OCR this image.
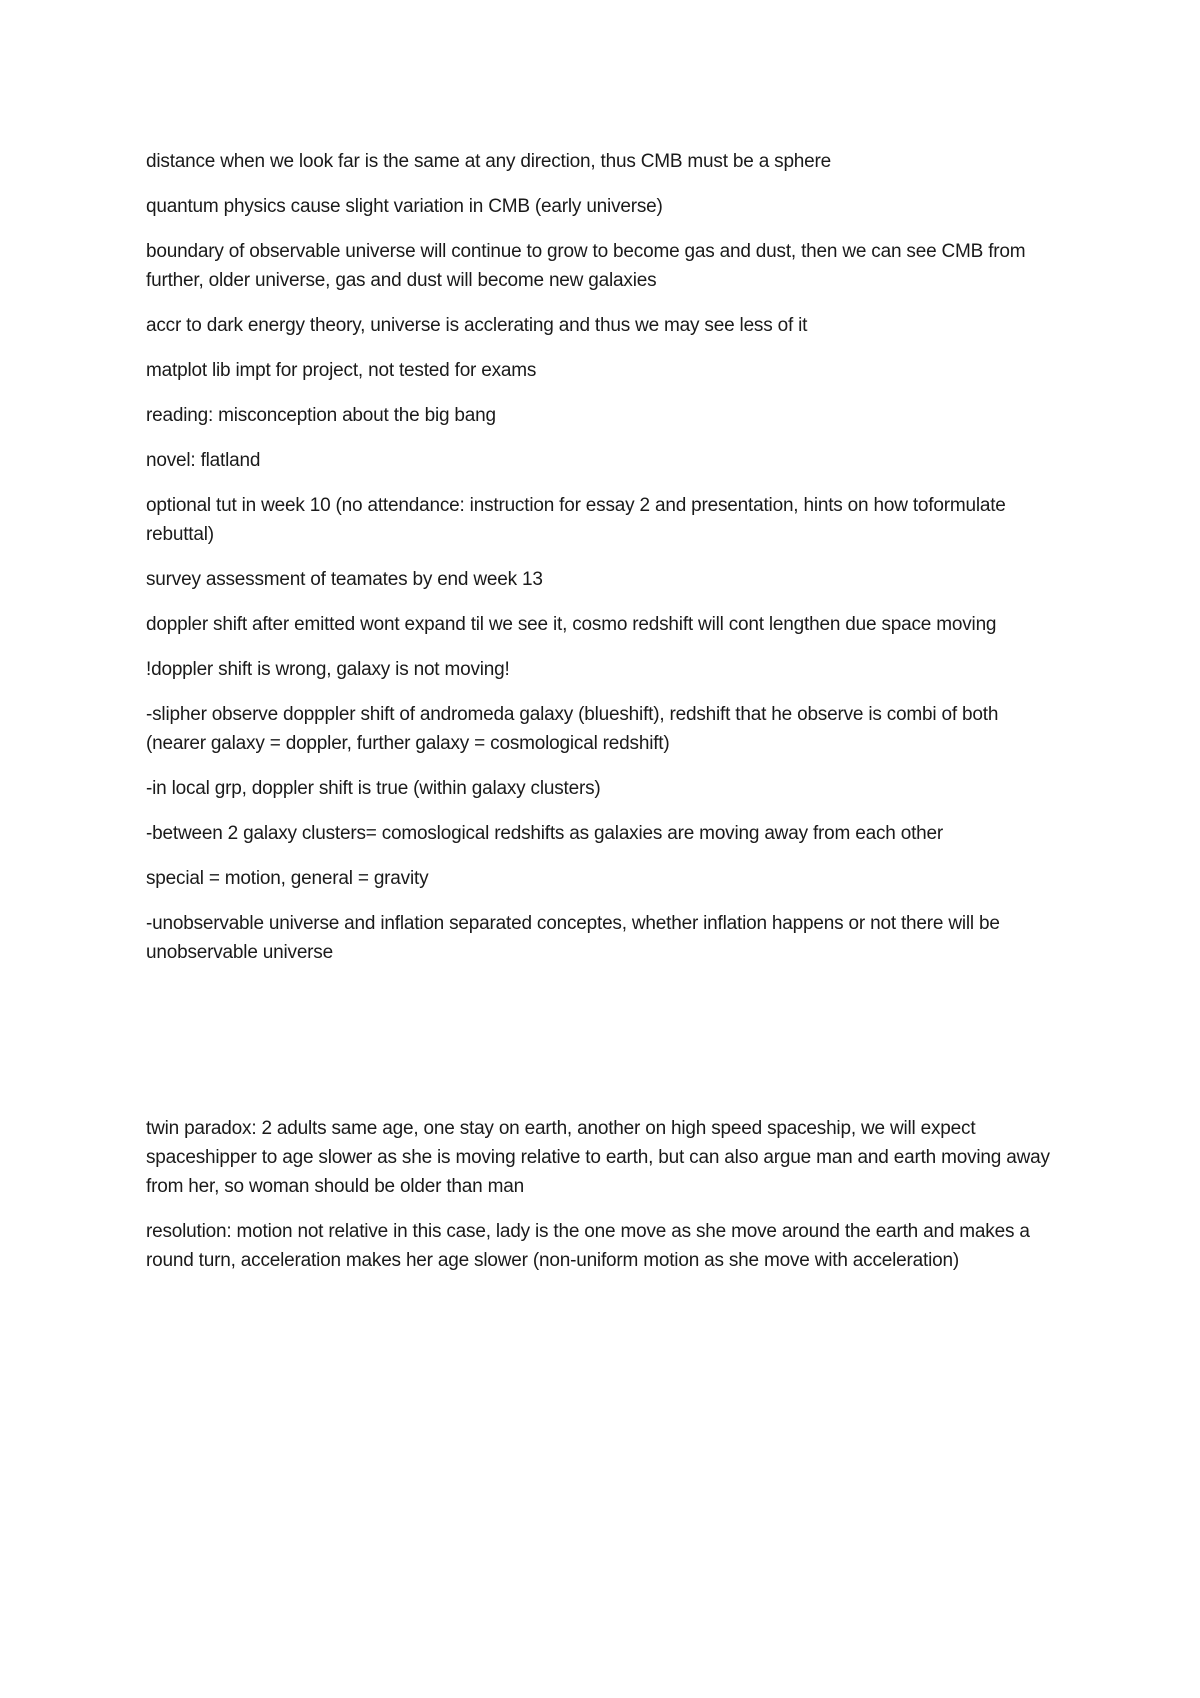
distance when we look far is the same at any direction, thus CMB must be a sphere

quantum physics cause slight variation in CMB (early universe)

boundary of observable universe will continue to grow to become gas and dust, then we can see CMB from further, older universe, gas and dust will become new galaxies

accr to dark energy theory, universe is acclerating and thus we may see less of it

matplot lib impt for project, not tested for exams

reading: misconception about the big bang

novel: flatland

optional tut in week 10 (no attendance: instruction for essay 2 and presentation, hints on how toformulate rebuttal)

survey assessment of teamates by end week 13

doppler shift after emitted wont expand til we see it, cosmo redshift will cont lengthen due space moving

!doppler shift is wrong, galaxy is not moving!

-slipher observe dopppler shift of andromeda galaxy (blueshift), redshift that he observe is combi of both (nearer galaxy = doppler, further galaxy = cosmological redshift)

-in local grp, doppler shift is true (within galaxy clusters)

-between 2 galaxy clusters= comoslogical redshifts as galaxies are moving away from each other

special = motion, general = gravity

-unobservable universe and inflation separated conceptes, whether inflation happens or not there will be unobservable universe

twin paradox: 2 adults same age, one stay on earth, another on high speed spaceship, we will expect spaceshipper to age slower as she is moving relative to earth, but can also argue man and earth moving away from her, so woman should be older than man

resolution: motion not relative in this case, lady is the one move as she move around the earth and makes a round turn, acceleration makes her age slower (non-uniform motion as she move with acceleration)
